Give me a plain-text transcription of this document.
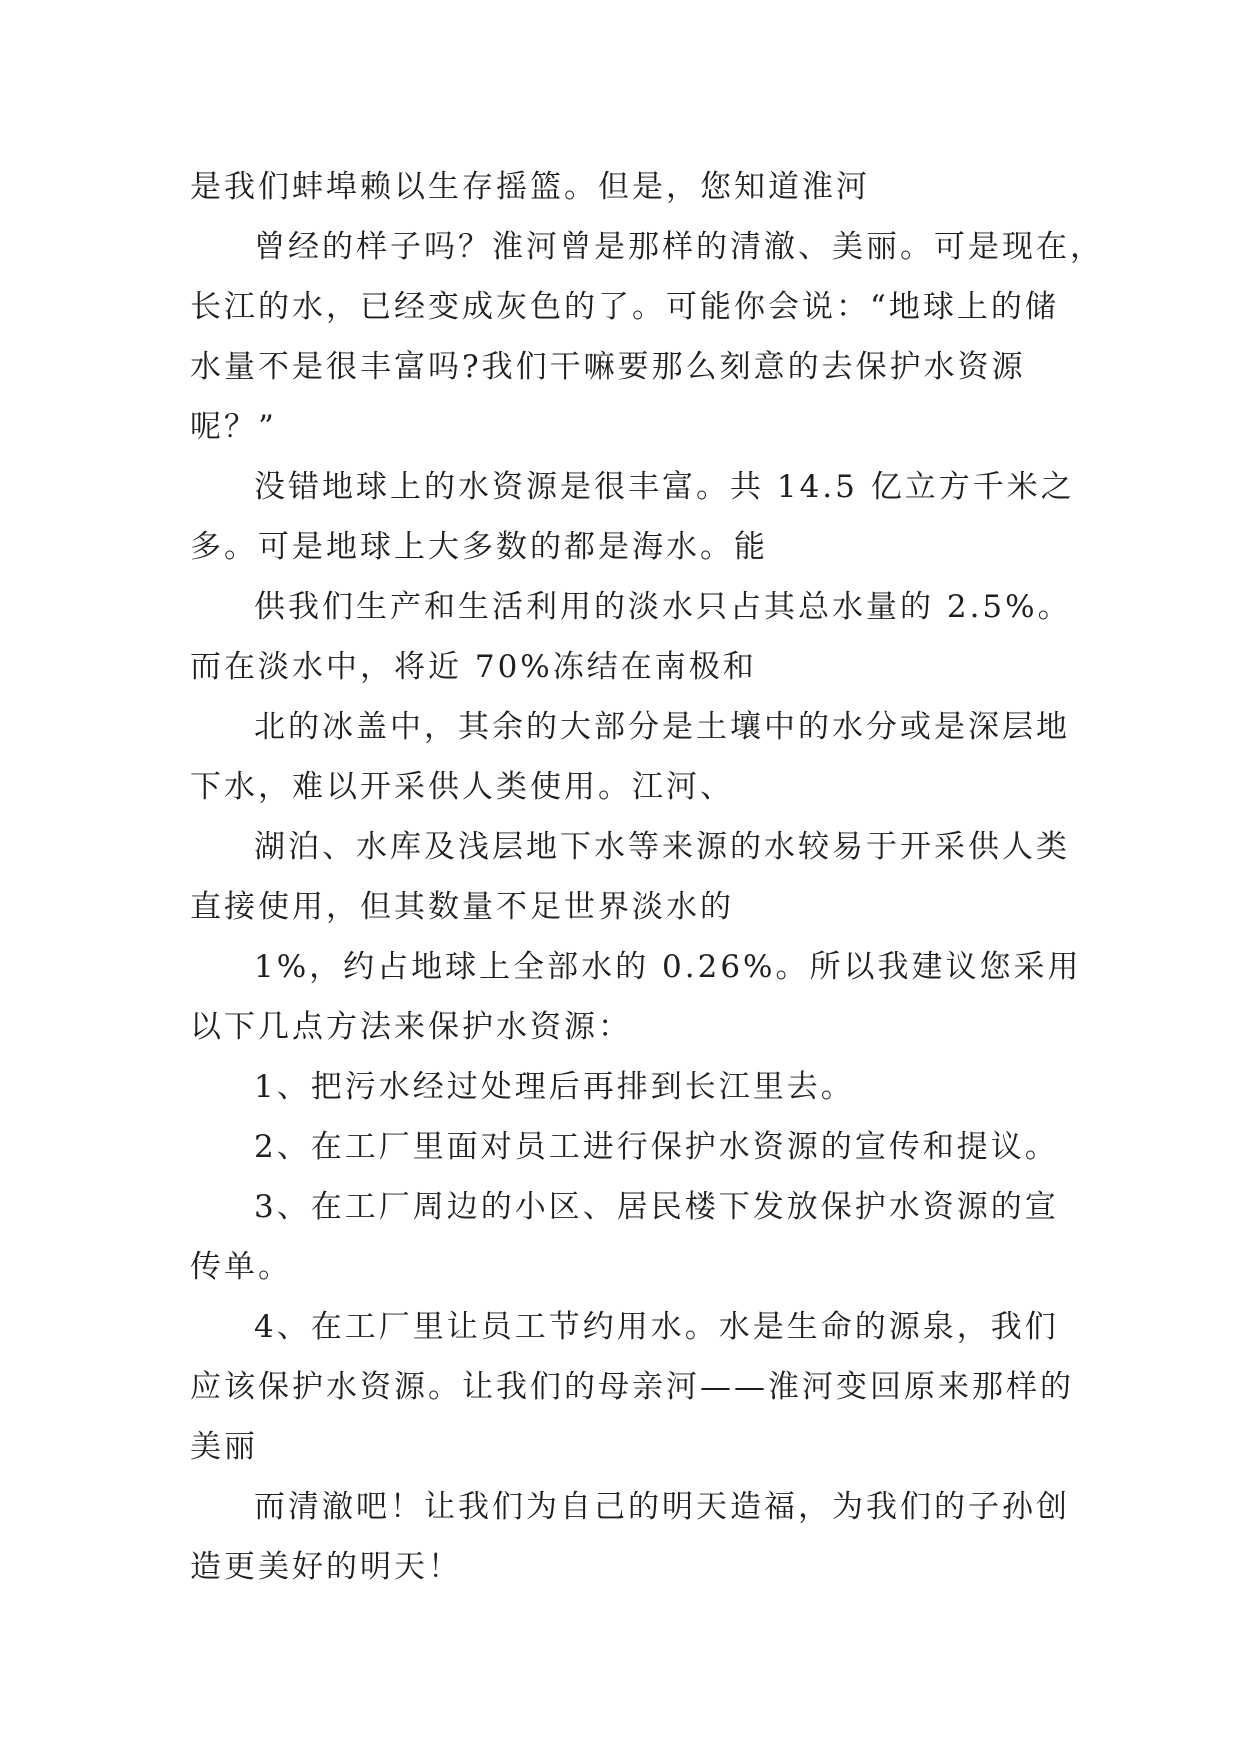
是我们蚌埠赖以生存摇篮。但是，您知道淮河

曾经的样子吗？淮河曾是那样的清澈、美丽。可是现在，

长江的水，已经变成灰色的了。可能你会说：“地球上的储

水量不是很丰富吗?我们干嘛要那么刻意的去保护水资源

呢？”

没错地球上的水资源是很丰富。共 14.5 亿立方千米之

多。可是地球上大多数的都是海水。能

供我们生产和生活利用的淡水只占其总水量的 2.5%。

而在淡水中，将近 70%冻结在南极和

北的冰盖中，其余的大部分是土壤中的水分或是深层地

下水，难以开采供人类使用。江河、

湖泊、水库及浅层地下水等来源的水较易于开采供人类

直接使用，但其数量不足世界淡水的

1%，约占地球上全部水的 0.26%。所以我建议您采用

以下几点方法来保护水资源：

1、把污水经过处理后再排到长江里去。

2、在工厂里面对员工进行保护水资源的宣传和提议。

3、在工厂周边的小区、居民楼下发放保护水资源的宣

传单。

4、在工厂里让员工节约用水。水是生命的源泉，我们

应该保护水资源。让我们的母亲河——淮河变回原来那样的

美丽

而清澈吧！让我们为自己的明天造福，为我们的子孙创

造更美好的明天！
